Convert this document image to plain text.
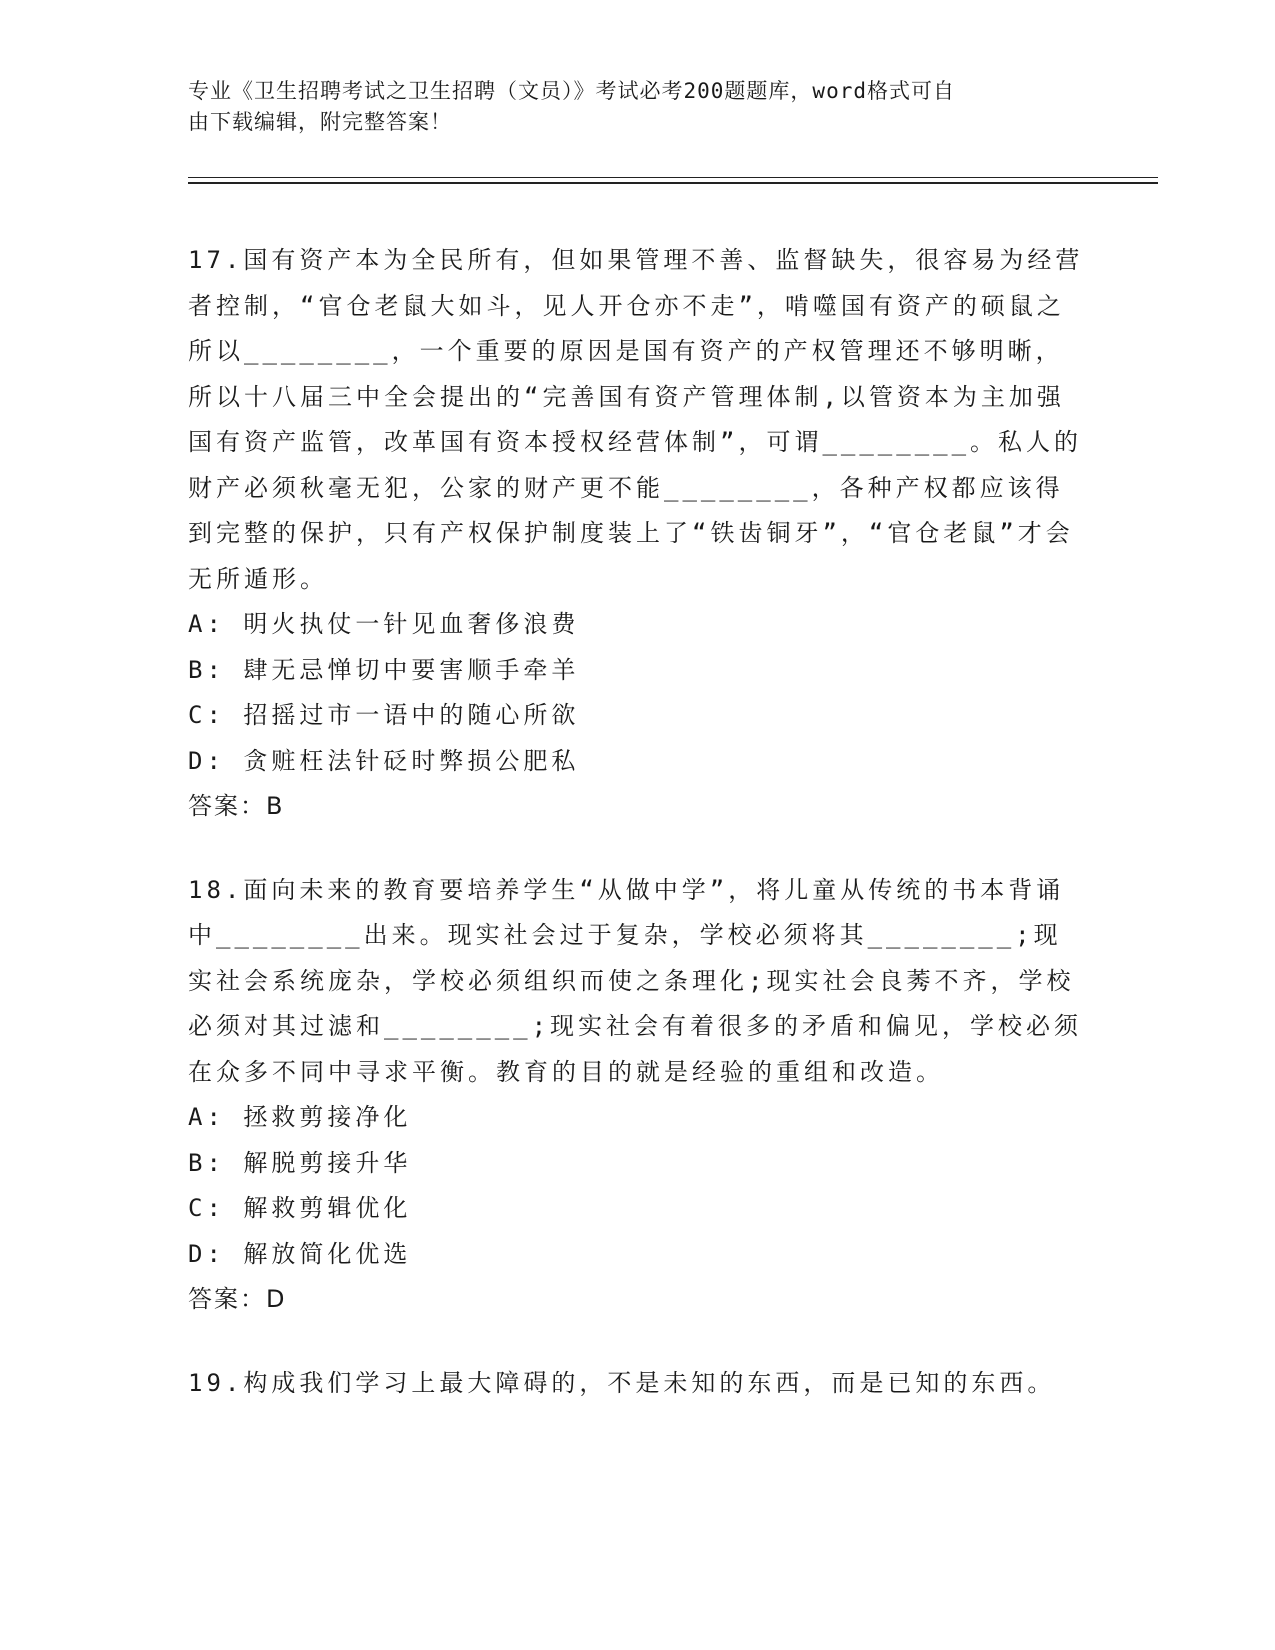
专业《卫生招聘考试之卫生招聘（文员）》考试必考200题题库，word格式可自
由下载编辑，附完整答案！

17.国有资产本为全民所有，但如果管理不善、监督缺失，很容易为经营者控制，“官仓老鼠大如斗，见人开仓亦不走”，啃噬国有资产的硕鼠之所以________，一个重要的原因是国有资产的产权管理还不够明晰，所以十八届三中全会提出的“完善国有资产管理体制,以管资本为主加强国有资产监管，改革国有资本授权经营体制”，可谓________。私人的财产必须秋毫无犯，公家的财产更不能________，各种产权都应该得到完整的保护，只有产权保护制度装上了“铁齿铜牙”，“官仓老鼠”才会无所遁形。

A: 明火执仗一针见血奢侈浪费

B: 肆无忌惮切中要害顺手牵羊

C: 招摇过市一语中的随心所欲

D: 贪赃枉法针砭时弊损公肥私

答案：B

18.面向未来的教育要培养学生“从做中学”，将儿童从传统的书本背诵中________出来。现实社会过于复杂，学校必须将其________;现实社会系统庞杂，学校必须组织而使之条理化;现实社会良莠不齐，学校必须对其过滤和________;现实社会有着很多的矛盾和偏见，学校必须在众多不同中寻求平衡。教育的目的就是经验的重组和改造。

A: 拯救剪接净化

B: 解脱剪接升华

C: 解救剪辑优化

D: 解放简化优选

答案：D

19.构成我们学习上最大障碍的，不是未知的东西，而是已知的东西。
